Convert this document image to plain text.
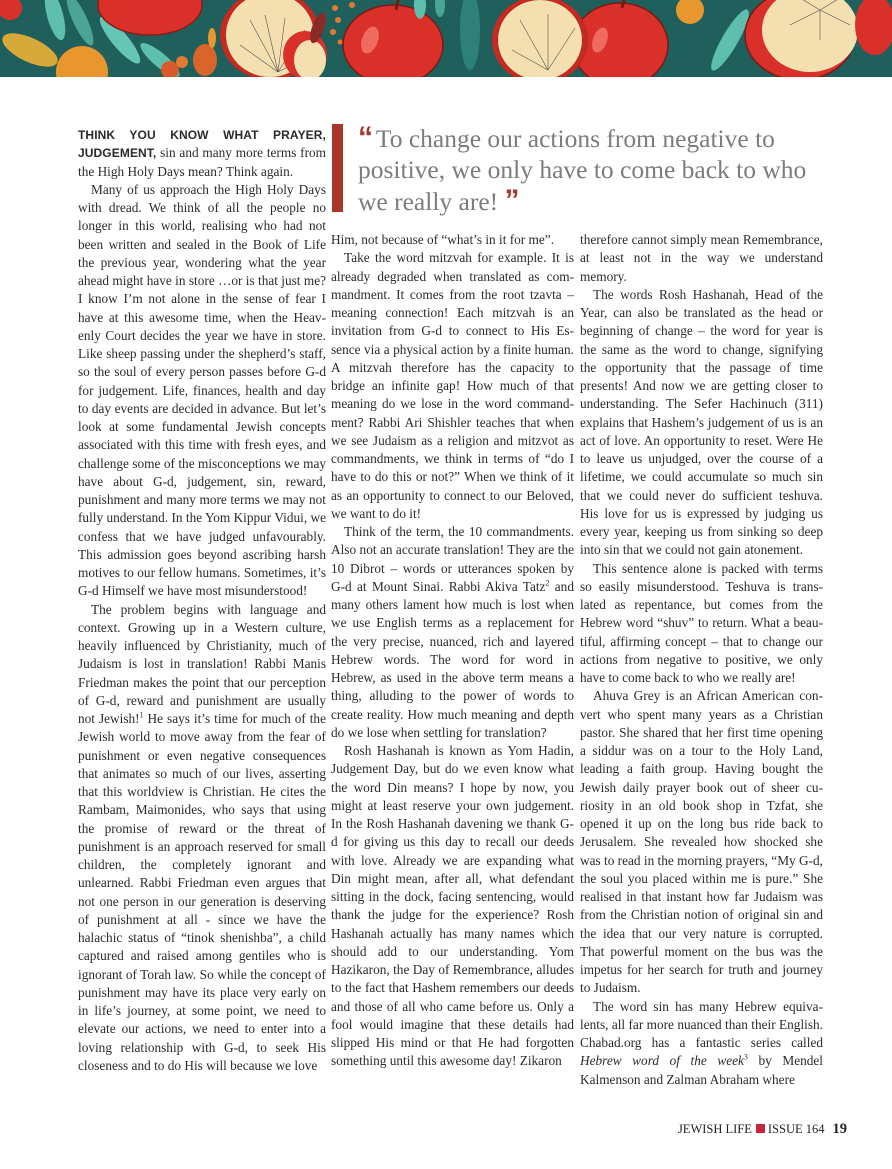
“ To change our actions from negative to positive, we only have to come back to who we really are! ”

THINK YOU KNOW WHAT PRAYER, JUDGEMENT, sin and many more terms from the High Holy Days mean? Think again.

Many of us approach the High Holy Days with dread. We think of all the people no longer in this world, realising who had not been written and sealed in the Book of Life the previous year, wondering what the year ahead might have in store …or is that just me? I know I’m not alone in the sense of fear I have at this awesome time, when the Heavenly Court decides the year we have in store. Like sheep passing under the shepherd’s staff, so the soul of every person passes before G-d for judgement. Life, finances, health and day to day events are decided in advance. But let’s look at some fundamental Jewish concepts associated with this time with fresh eyes, and challenge some of the misconceptions we may have about G-d, judgement, sin, reward, punishment and many more terms we may not fully understand. In the Yom Kippur Vidui, we confess that we have judged unfavourably. This admission goes beyond ascribing harsh motives to our fellow humans. Sometimes, it’s G-d Himself we have most misunderstood!

The problem begins with language and context. Growing up in a Western culture, heavily influenced by Christianity, much of Judaism is lost in translation! Rabbi Manis Friedman makes the point that our perception of G-d, reward and punishment are usually not Jewish!$^1$ He says it’s time for much of the Jewish world to move away from the fear of punishment or even negative consequences that animates so much of our lives, asserting that this worldview is Christian. He cites the Rambam, Maimonides, who says that using the promise of reward or the threat of punishment is an approach reserved for small children, the completely ignorant and unlearned. Rabbi Friedman even argues that not one person in our generation is deserving of punishment at all - since we have the halachic status of “tinok shenishba”, a child captured and raised among gentiles who is ignorant of Torah law. So while the concept of punishment may have its place very early on in life’s journey, at some point, we need to elevate our actions, we need to enter into a loving relationship with G-d, to seek His closeness and to do His will because we love

Him, not because of “what’s in it for me”.

Take the word mitzvah for example. It is already degraded when translated as commandment. It comes from the root tzavta – meaning connection! Each mitzvah is an invitation from G-d to connect to His Essence via a physical action by a finite human. A mitzvah therefore has the capacity to bridge an infinite gap! How much of that meaning do we lose in the word commandment? Rabbi Ari Shishler teaches that when we see Judaism as a religion and mitzvot as commandments, we think in terms of “do I have to do this or not?” When we think of it as an opportunity to connect to our Beloved, we want to do it!

Think of the term, the 10 commandments. Also not an accurate translation! They are the 10 Dibrot – words or utterances spoken by G-d at Mount Sinai. Rabbi Akiva Tatz$^2$ and many others lament how much is lost when we use English terms as a replacement for the very precise, nuanced, rich and layered Hebrew words. The word for word in Hebrew, as used in the above term means a thing, alluding to the power of words to create reality. How much meaning and depth do we lose when settling for translation?

Rosh Hashanah is known as Yom Hadin, Judgement Day, but do we even know what the word Din means? I hope by now, you might at least reserve your own judgement. In the Rosh Hashanah davening we thank G-d for giving us this day to recall our deeds with love. Already we are expanding what Din might mean, after all, what defendant sitting in the dock, facing sentencing, would thank the judge for the experience? Rosh Hashanah actually has many names which should add to our understanding. Yom Hazikaron, the Day of Remembrance, alludes to the fact that Hashem remembers our deeds and those of all who came before us. Only a fool would imagine that these details had slipped His mind or that He had forgotten something until this awesome day! Zikaron

therefore cannot simply mean Remembrance, at least not in the way we understand memory.

The words Rosh Hashanah, Head of the Year, can also be translated as the head or beginning of change – the word for year is the same as the word to change, signifying the opportunity that the passage of time presents! And now we are getting closer to understanding. The Sefer Hachinuch (311) explains that Hashem’s judgement of us is an act of love. An opportunity to reset. Were He to leave us unjudged, over the course of a lifetime, we could accumulate so much sin that we could never do sufficient teshuva. His love for us is expressed by judging us every year, keeping us from sinking so deep into sin that we could not gain atonement.

This sentence alone is packed with terms so easily misunderstood. Teshuva is translated as repentance, but comes from the Hebrew word “shuv” to return. What a beautiful, affirming concept – that to change our actions from negative to positive, we only have to come back to who we really are!

Ahuva Grey is an African American convert who spent many years as a Christian pastor. She shared that her first time opening a siddur was on a tour to the Holy Land, leading a faith group. Having bought the Jewish daily prayer book out of sheer curiosity in an old book shop in Tzfat, she opened it up on the long bus ride back to Jerusalem. She revealed how shocked she was to read in the morning prayers, “My G-d, the soul you placed within me is pure.” She realised in that instant how far Judaism was from the Christian notion of original sin and the idea that our very nature is corrupted. That powerful moment on the bus was the impetus for her search for truth and journey to Judaism.

The word sin has many Hebrew equivalents, all far more nuanced than their English. Chabad.org has a fantastic series called Hebrew word of the week$^3$ by Mendel Kalmenson and Zalman Abraham where

JEWISH LIFE ISSUE 164 19
